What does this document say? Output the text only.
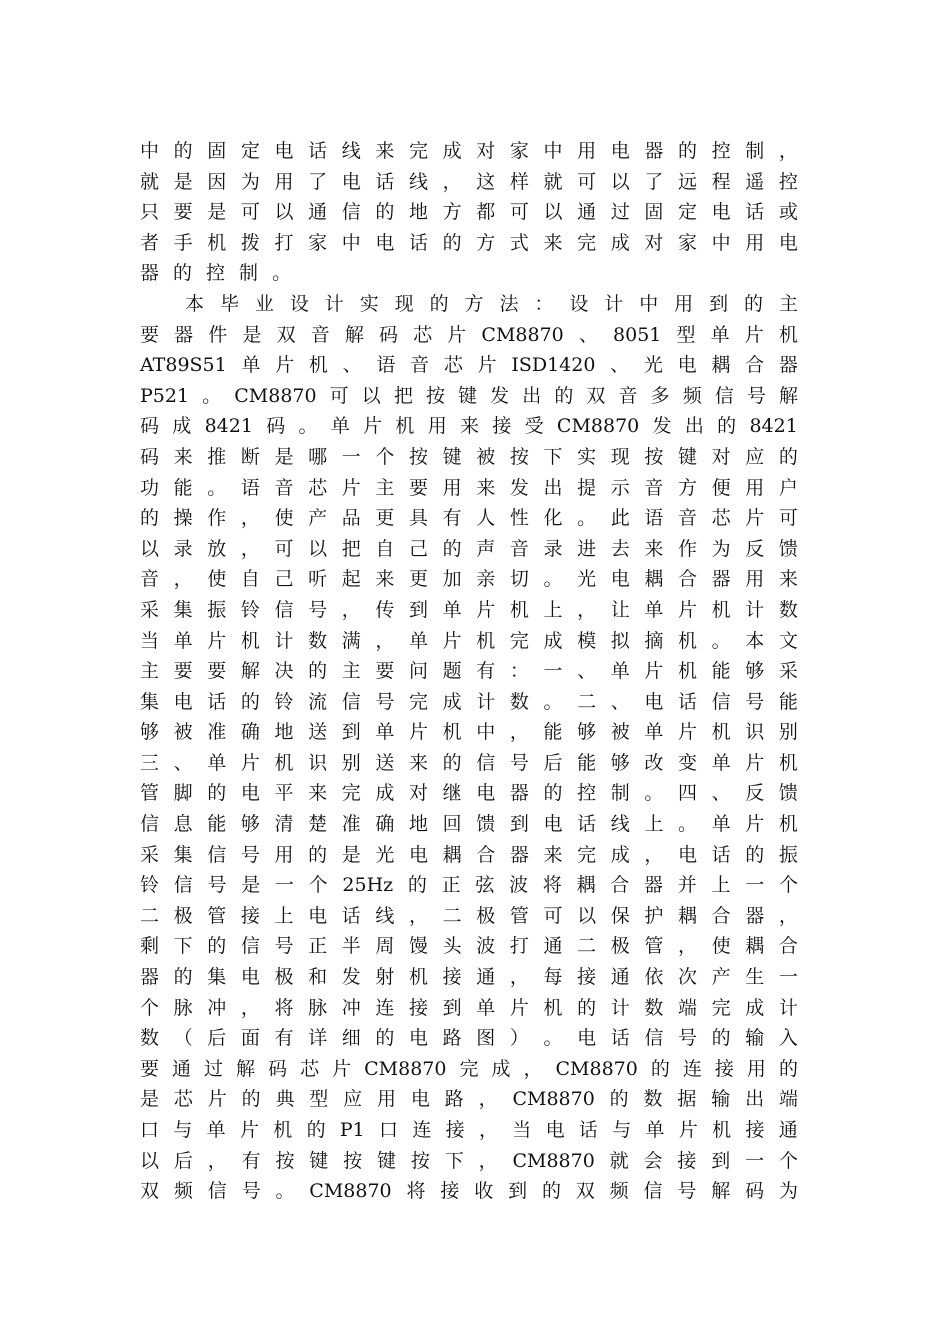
中 的 固 定 电 话 线 来 完 成 对 家 中 用 电 器 的 控 制 ，
就 是 因 为 用 了 电 话 线 ， 这 样 就 可 以 了 远 程 遥 控
只 要 是 可 以 通 信 的 地 方 都 可 以 通 过 固 定 电 话 或
者 手 机 拨 打 家 中 电 话 的 方 式 来 完 成 对 家 中 用 电
器 的 控 制 。
本 毕 业 设 计 实 现 的 方 法 ： 设 计 中 用 到 的 主
要 器 件 是 双 音 解 码 芯 片 CM8870 、 8051 型 单 片 机
AT89S51 单 片 机 、 语 音 芯 片 ISD1420 、 光 电 耦 合 器
P521 。 CM8870 可 以 把 按 键 发 出 的 双 音 多 频 信 号 解
码 成 8421 码 。 单 片 机 用 来 接 受 CM8870 发 出 的 8421
码 来 推 断 是 哪 一 个 按 键 被 按 下 实 现 按 键 对 应 的
功 能 。 语 音 芯 片 主 要 用 来 发 出 提 示 音 方 便 用 户
的 操 作 ， 使 产 品 更 具 有 人 性 化 。 此 语 音 芯 片 可
以 录 放 ， 可 以 把 自 己 的 声 音 录 进 去 来 作 为 反 馈
音 ， 使 自 己 听 起 来 更 加 亲 切 。 光 电 耦 合 器 用 来
采 集 振 铃 信 号 ， 传 到 单 片 机 上 ， 让 单 片 机 计 数
当 单 片 机 计 数 满 ， 单 片 机 完 成 模 拟 摘 机 。 本 文
主 要 要 解 决 的 主 要 问 题 有 ： 一 、 单 片 机 能 够 采
集 电 话 的 铃 流 信 号 完 成 计 数 。 二 、 电 话 信 号 能
够 被 准 确 地 送 到 单 片 机 中 ， 能 够 被 单 片 机 识 别
三 、 单 片 机 识 别 送 来 的 信 号 后 能 够 改 变 单 片 机
管 脚 的 电 平 来 完 成 对 继 电 器 的 控 制 。 四 、 反 馈
信 息 能 够 清 楚 准 确 地 回 馈 到 电 话 线 上 。 单 片 机
采 集 信 号 用 的 是 光 电 耦 合 器 来 完 成 ， 电 话 的 振
铃 信 号 是 一 个 25Hz 的 正 弦 波 将 耦 合 器 并 上 一 个
二 极 管 接 上 电 话 线 ， 二 极 管 可 以 保 护 耦 合 器 ，
剩 下 的 信 号 正 半 周 馒 头 波 打 通 二 极 管 ， 使 耦 合
器 的 集 电 极 和 发 射 机 接 通 ， 每 接 通 依 次 产 生 一
个 脉 冲 ， 将 脉 冲 连 接 到 单 片 机 的 计 数 端 完 成 计
数 （ 后 面 有 详 细 的 电 路 图 ） 。 电 话 信 号 的 输 入
要 通 过 解 码 芯 片 CM8870 完 成 ， CM8870 的 连 接 用 的
是 芯 片 的 典 型 应 用 电 路 ， CM8870 的 数 据 输 出 端
口 与 单 片 机 的 P1 口 连 接 ， 当 电 话 与 单 片 机 接 通
以 后 ， 有 按 键 按 键 按 下 ， CM8870 就 会 接 到 一 个
双 频 信 号 。 CM8870 将 接 收 到 的 双 频 信 号 解 码 为
